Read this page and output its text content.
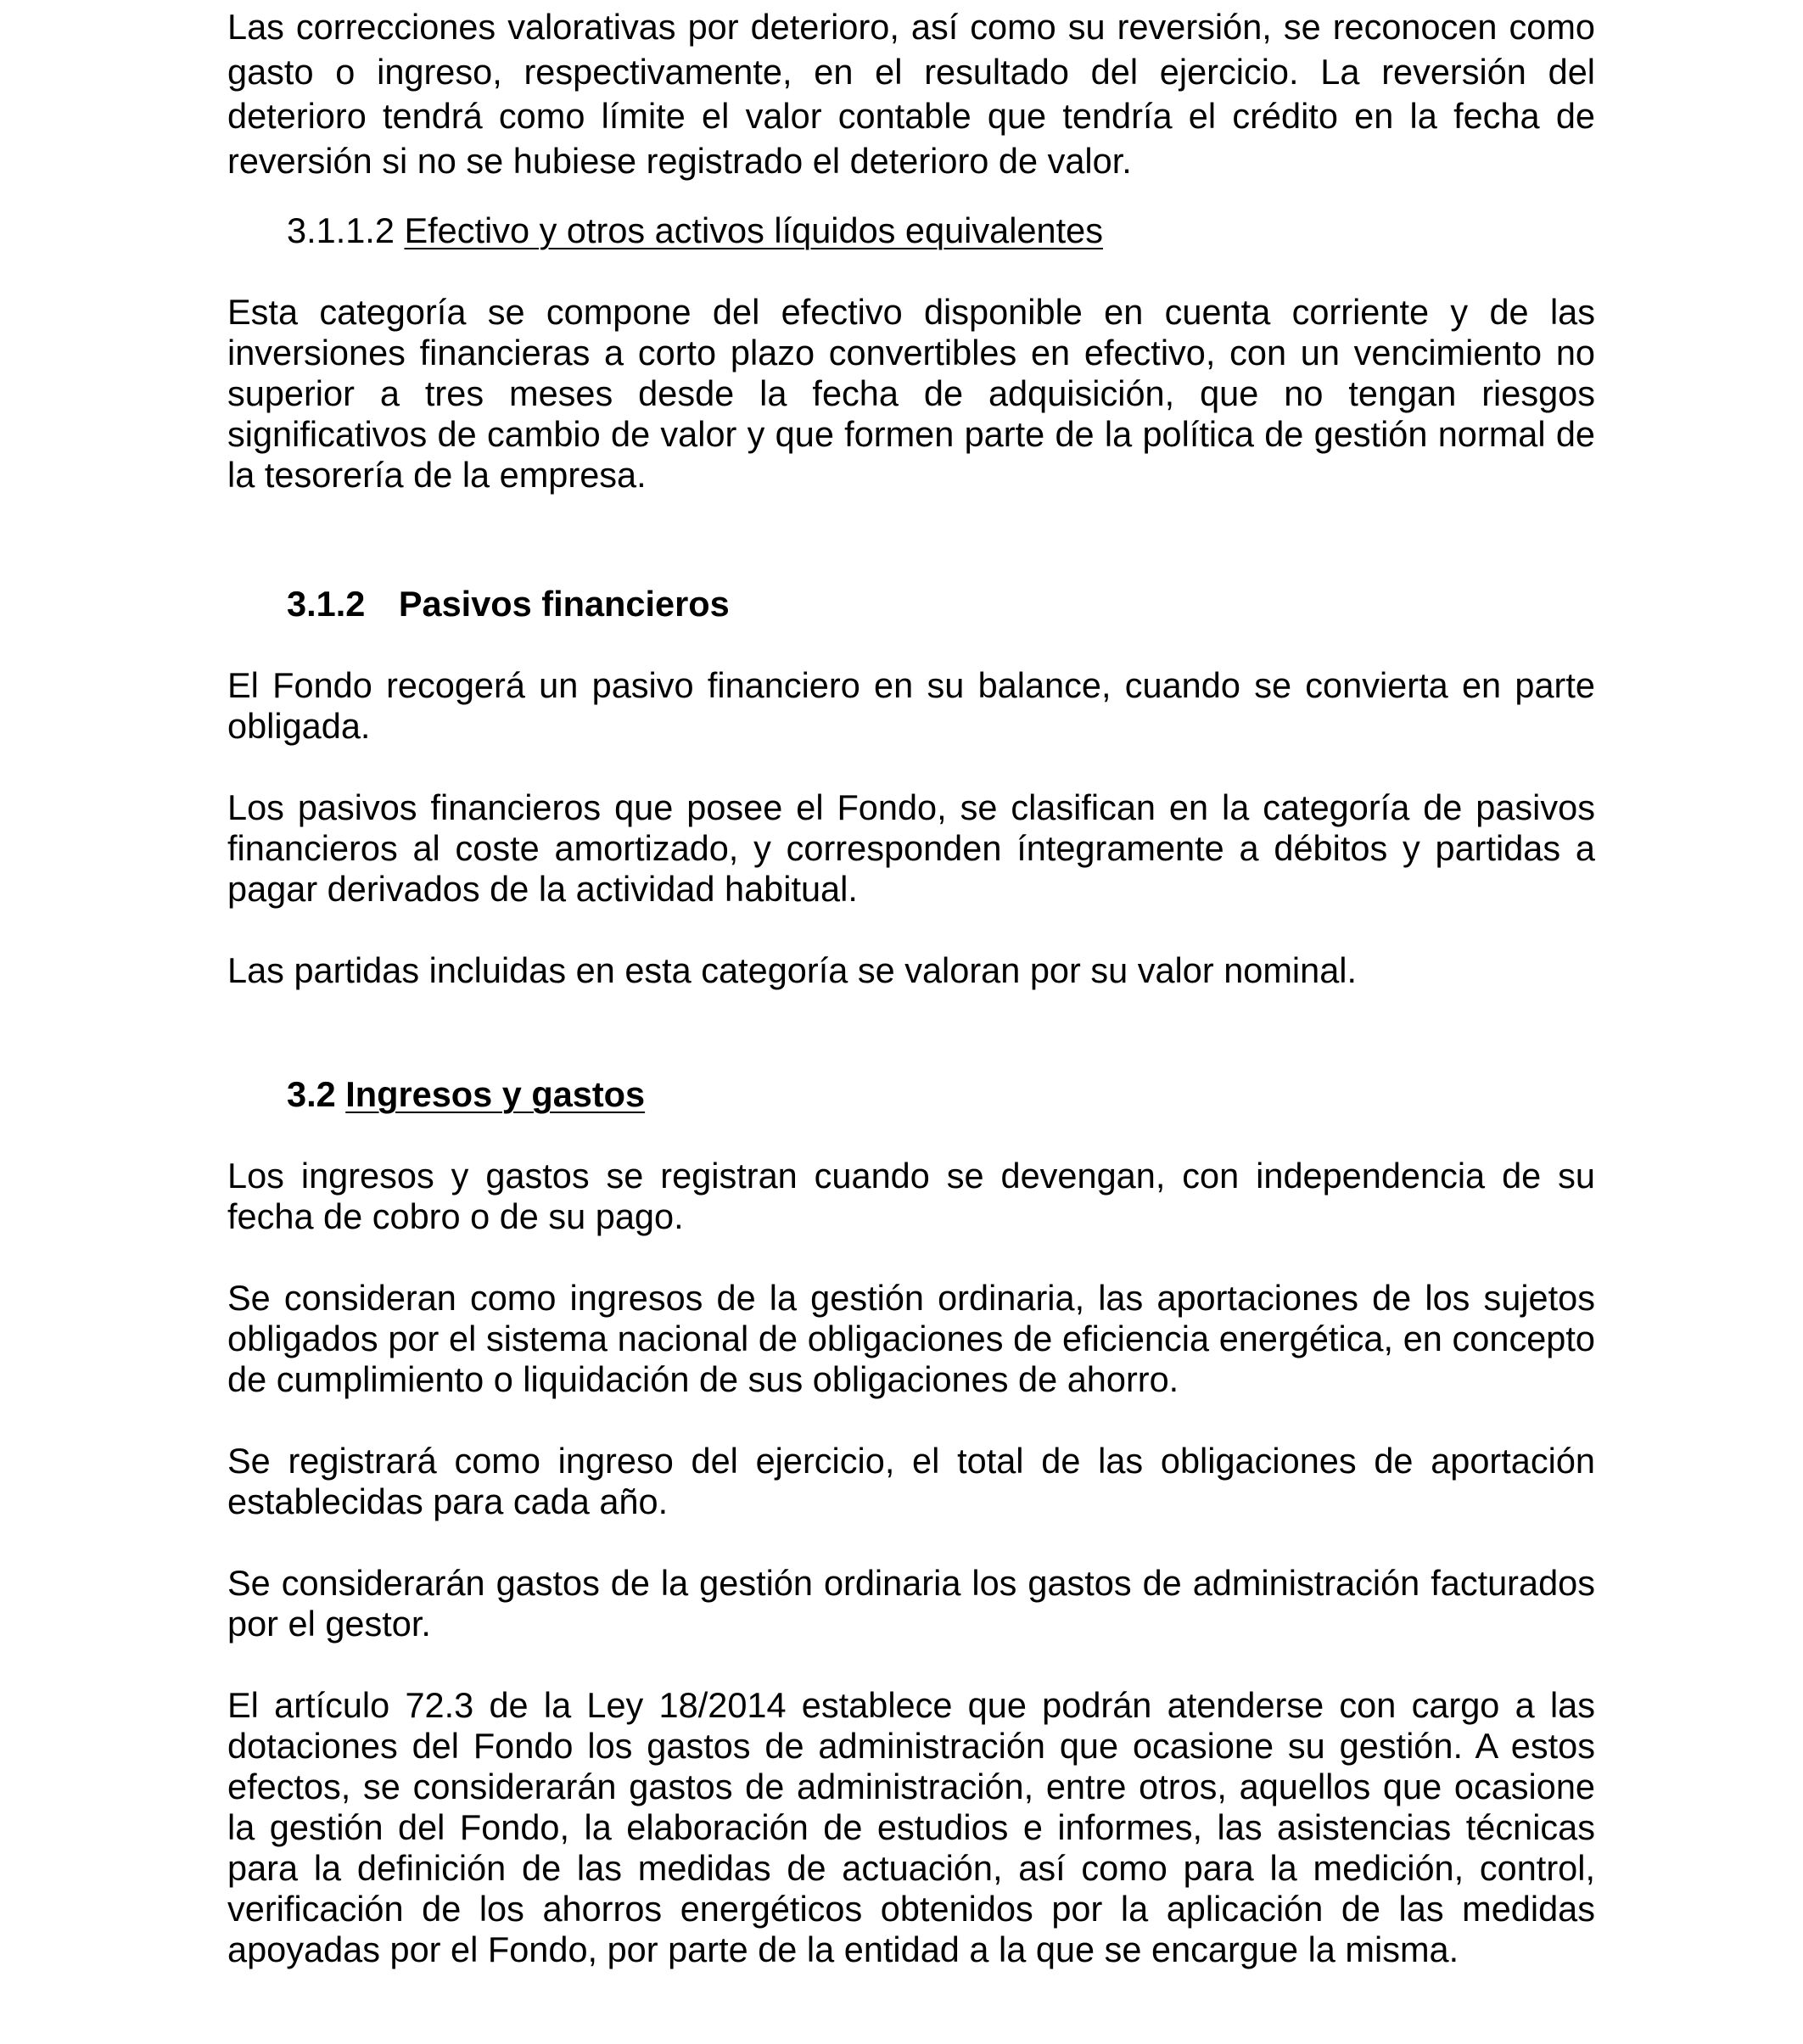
Las correcciones valorativas por deterioro, así como su reversión, se reconocen como gasto o ingreso, respectivamente, en el resultado del ejercicio. La reversión del deterioro tendrá como límite el valor contable que tendría el crédito en la fecha de reversión si no se hubiese registrado el deterioro de valor.

3.1.1.2 Efectivo y otros activos líquidos equivalentes

Esta categoría se compone del efectivo disponible en cuenta corriente y de las inversiones financieras a corto plazo convertibles en efectivo, con un vencimiento no superior a tres meses desde la fecha de adquisición, que no tengan riesgos significativos de cambio de valor y que formen parte de la política de gestión normal de la tesorería de la empresa.

3.1.2 Pasivos financieros

El Fondo recogerá un pasivo financiero en su balance, cuando se convierta en parte obligada.

Los pasivos financieros que posee el Fondo, se clasifican en la categoría de pasivos financieros al coste amortizado, y corresponden íntegramente a débitos y partidas a pagar derivados de la actividad habitual.

Las partidas incluidas en esta categoría se valoran por su valor nominal.

3.2 Ingresos y gastos

Los ingresos y gastos se registran cuando se devengan, con independencia de su fecha de cobro o de su pago.

Se consideran como ingresos de la gestión ordinaria, las aportaciones de los sujetos obligados por el sistema nacional de obligaciones de eficiencia energética, en concepto de cumplimiento o liquidación de sus obligaciones de ahorro.

Se registrará como ingreso del ejercicio, el total de las obligaciones de aportación establecidas para cada año.

Se considerarán gastos de la gestión ordinaria los gastos de administración facturados por el gestor.

El artículo 72.3 de la Ley 18/2014 establece que podrán atenderse con cargo a las dotaciones del Fondo los gastos de administración que ocasione su gestión. A estos efectos, se considerarán gastos de administración, entre otros, aquellos que ocasione la gestión del Fondo, la elaboración de estudios e informes, las asistencias técnicas para la definición de las medidas de actuación, así como para la medición, control, verificación de los ahorros energéticos obtenidos por la aplicación de las medidas apoyadas por el Fondo, por parte de la entidad a la que se encargue la misma.
